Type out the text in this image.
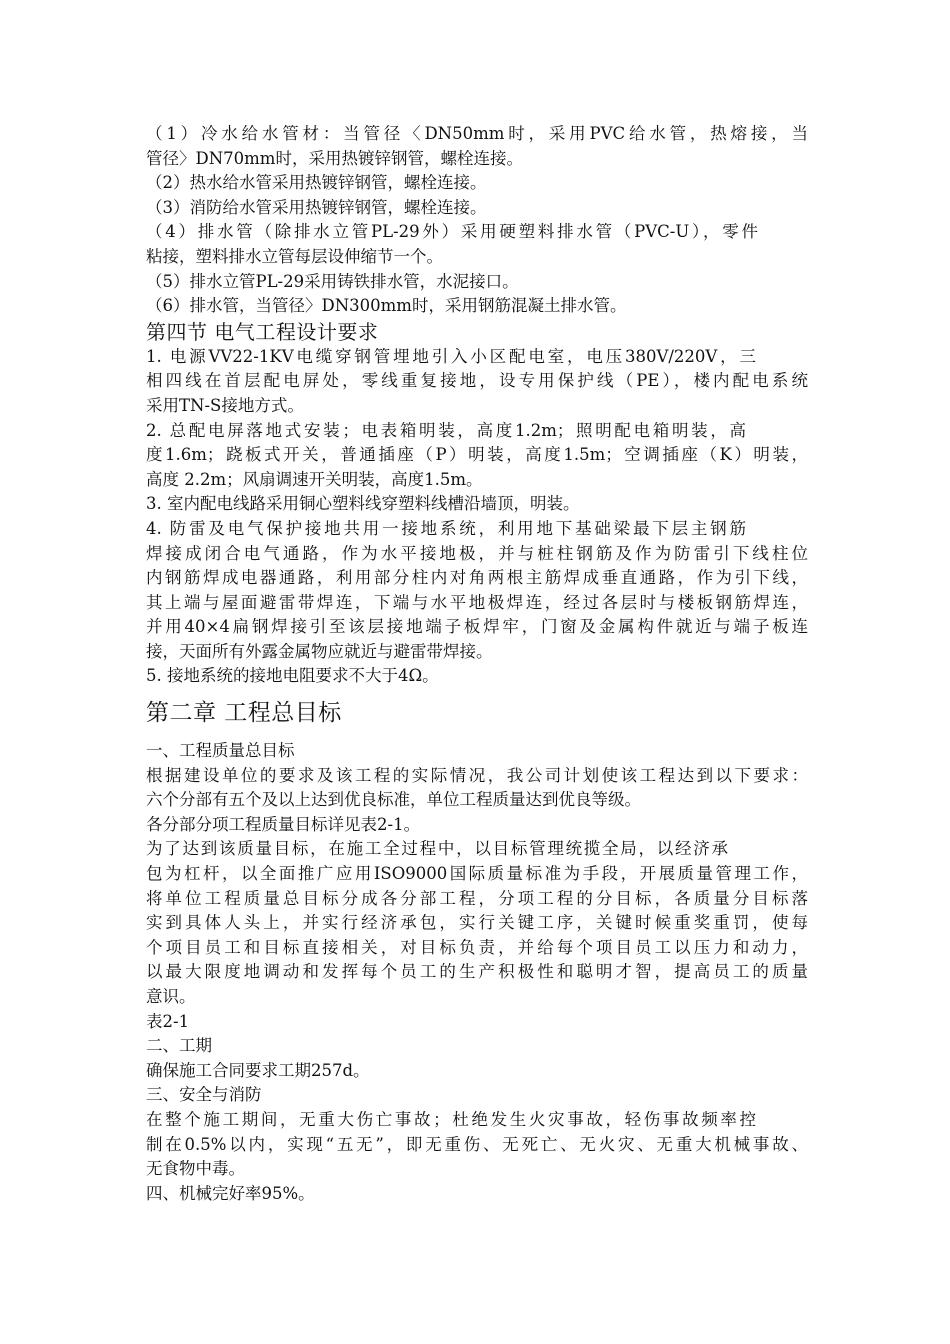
（1）冷水给水管材：当管径〈DN50mm时，采用PVC给水管，热熔接，当
管径〉DN70mm时，采用热镀锌钢管，螺栓连接。
（2）热水给水管采用热镀锌钢管，螺栓连接。
（3）消防给水管采用热镀锌钢管，螺栓连接。
（4）排水管（除排水立管PL-29外）采用硬塑料排水管（PVC-U），零件
粘接，塑料排水立管每层设伸缩节一个。
（5）排水立管PL-29采用铸铁排水管，水泥接口。
（6）排水管，当管径〉DN300mm时，采用钢筋混凝土排水管。
第四节 电气工程设计要求
1. 电源VV22-1KV电缆穿钢管埋地引入小区配电室，电压380V/220V，三
相四线在首层配电屏处，零线重复接地，设专用保护线（PE），楼内配电系统
采用TN-S接地方式。
2. 总配电屏落地式安装；电表箱明装，高度1.2m；照明配电箱明装，高
度1.6m；跷板式开关，普通插座（P）明装，高度1.5m；空调插座（K）明装，
高度 2.2m；风扇调速开关明装，高度1.5m。
3. 室内配电线路采用铜心塑料线穿塑料线槽沿墙顶，明装。
4. 防雷及电气保护接地共用一接地系统，利用地下基础梁最下层主钢筋
焊接成闭合电气通路，作为水平接地极，并与桩柱钢筋及作为防雷引下线柱位
内钢筋焊成电器通路，利用部分柱内对角两根主筋焊成垂直通路，作为引下线，
其上端与屋面避雷带焊连，下端与水平地极焊连，经过各层时与楼板钢筋焊连，
并用40×4扁钢焊接引至该层接地端子板焊牢，门窗及金属构件就近与端子板连
接，天面所有外露金属物应就近与避雷带焊接。
5. 接地系统的接地电阻要求不大于4Ω。
第二章 工程总目标
一、工程质量总目标
根据建设单位的要求及该工程的实际情况，我公司计划使该工程达到以下要求：
六个分部有五个及以上达到优良标准，单位工程质量达到优良等级。
各分部分项工程质量目标详见表2-1。
为了达到该质量目标，在施工全过程中，以目标管理统揽全局，以经济承
包为杠杆，以全面推广应用ISO9000国际质量标准为手段，开展质量管理工作，
将单位工程质量总目标分成各分部工程，分项工程的分目标，各质量分目标落
实到具体人头上，并实行经济承包，实行关键工序，关键时候重奖重罚，使每
个项目员工和目标直接相关，对目标负责，并给每个项目员工以压力和动力，
以最大限度地调动和发挥每个员工的生产积极性和聪明才智，提高员工的质量
意识。
表2-1
二、工期
确保施工合同要求工期257d。
三、安全与消防
在整个施工期间，无重大伤亡事故；杜绝发生火灾事故，轻伤事故频率控
制在0.5%以内，实现“五无”，即无重伤、无死亡、无火灾、无重大机械事故、
无食物中毒。
四、机械完好率95%。
